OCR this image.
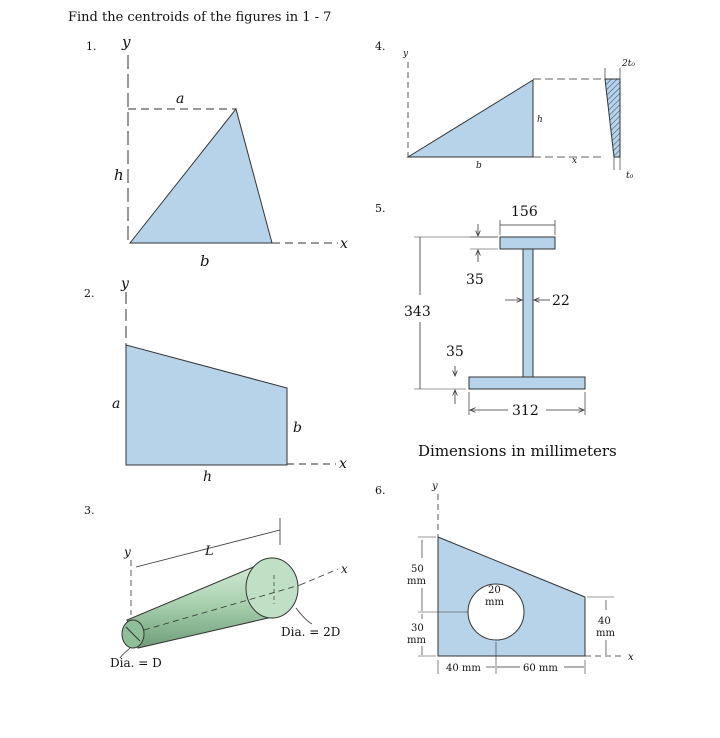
Find the centroids of the figures in 1 - 7
1. y
a
h
x
b
2.
y
a
b
x
h
3.
y	L
x
Dia. = 2D
Dia. = D
4.
y
h
b	x
2t₀
t₀
5.	156
35
22
343
35
312
Dimensions in millimeters
6.	y
20
mm
50
mm
30
mm
40
mm
x
40 mm	60 mm
